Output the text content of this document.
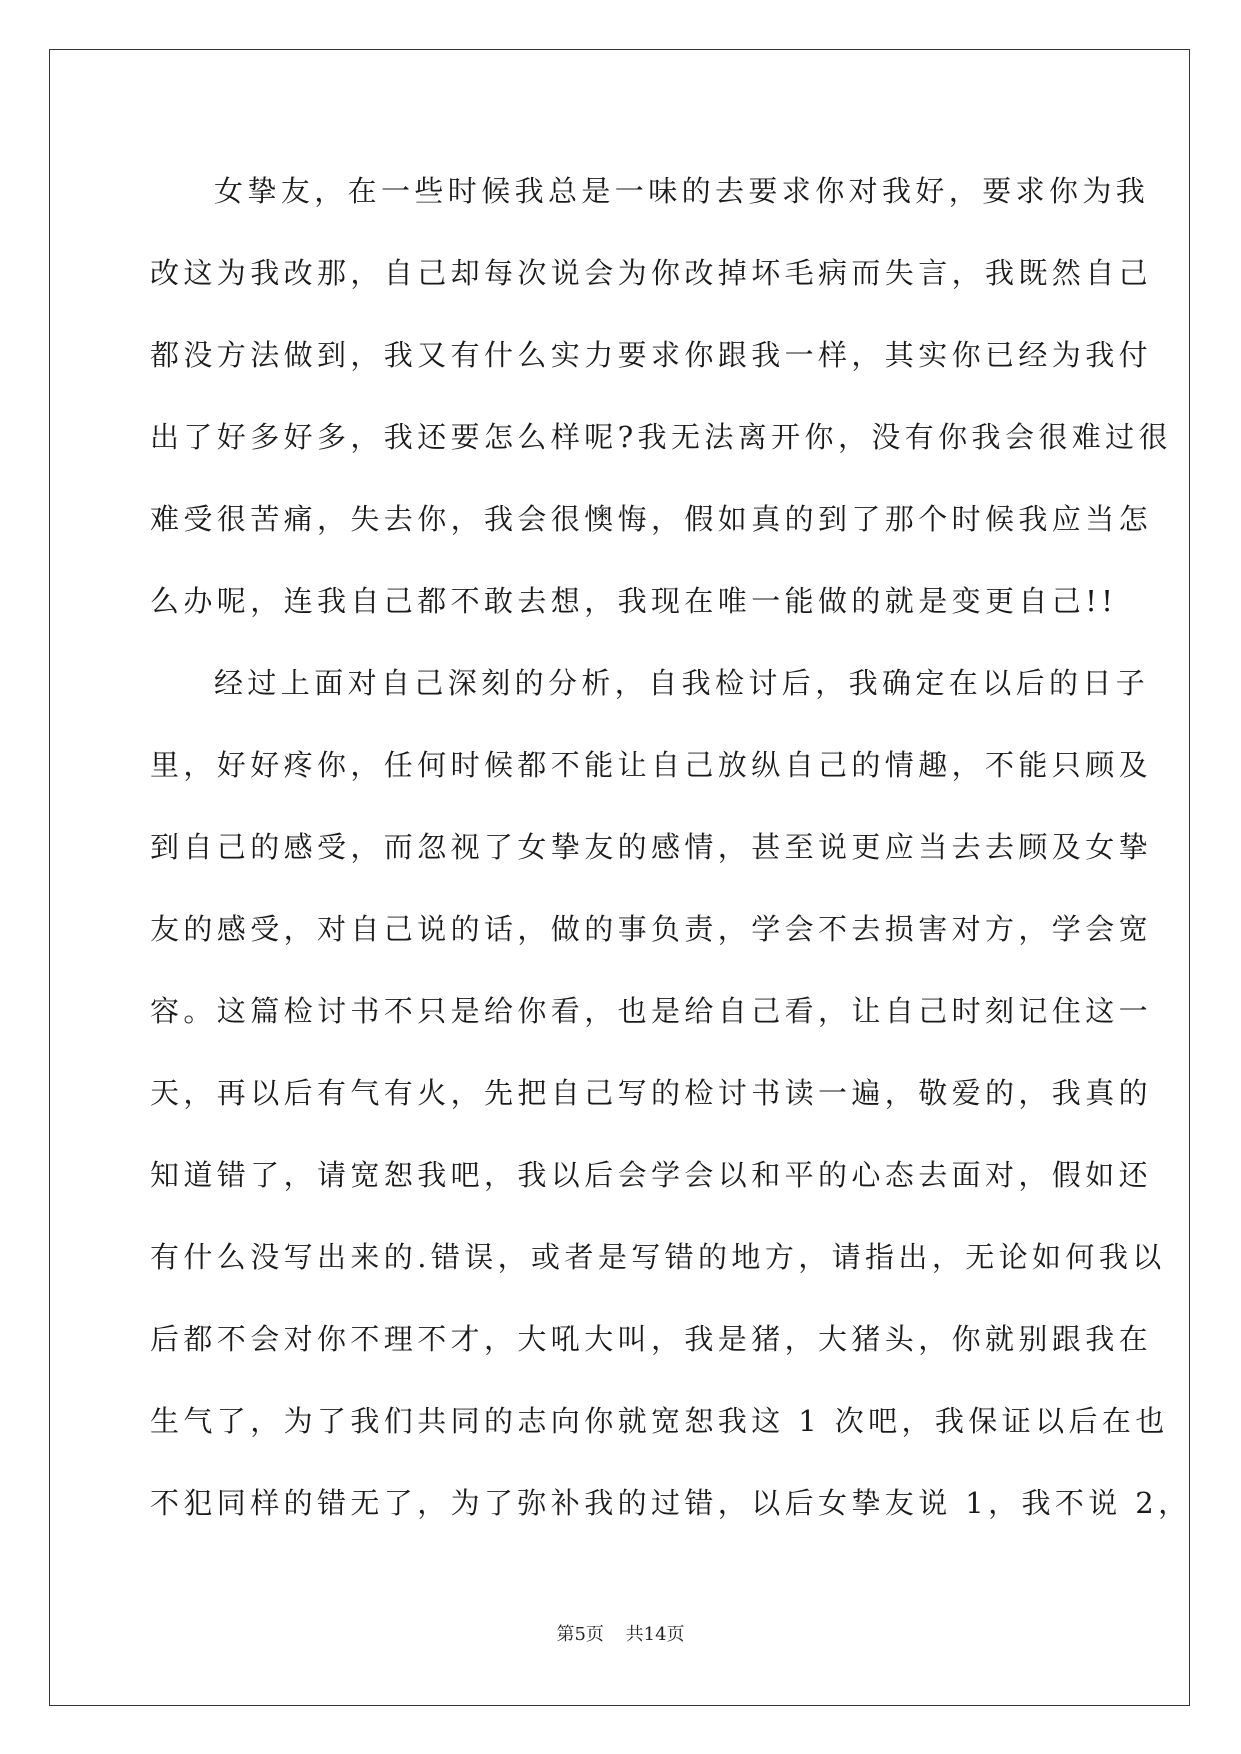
女挚友，在一些时候我总是一味的去要求你对我好，要求你为我
改这为我改那，自己却每次说会为你改掉坏毛病而失言，我既然自己
都没方法做到，我又有什么实力要求你跟我一样，其实你已经为我付
出了好多好多，我还要怎么样呢?我无法离开你，没有你我会很难过很
难受很苦痛，失去你，我会很懊悔，假如真的到了那个时候我应当怎
么办呢，连我自己都不敢去想，我现在唯一能做的就是变更自己!!
经过上面对自己深刻的分析，自我检讨后，我确定在以后的日子
里，好好疼你，任何时候都不能让自己放纵自己的情趣，不能只顾及
到自己的感受，而忽视了女挚友的感情，甚至说更应当去去顾及女挚
友的感受，对自己说的话，做的事负责，学会不去损害对方，学会宽
容。这篇检讨书不只是给你看，也是给自己看，让自己时刻记住这一
天，再以后有气有火，先把自己写的检讨书读一遍，敬爱的，我真的
知道错了，请宽恕我吧，我以后会学会以和平的心态去面对，假如还
有什么没写出来的.错误，或者是写错的地方，请指出，无论如何我以
后都不会对你不理不才，大吼大叫，我是猪，大猪头，你就别跟我在
生气了，为了我们共同的志向你就宽恕我这 1 次吧，我保证以后在也
不犯同样的错无了，为了弥补我的过错，以后女挚友说 1，我不说 2，
第5页 共14页
